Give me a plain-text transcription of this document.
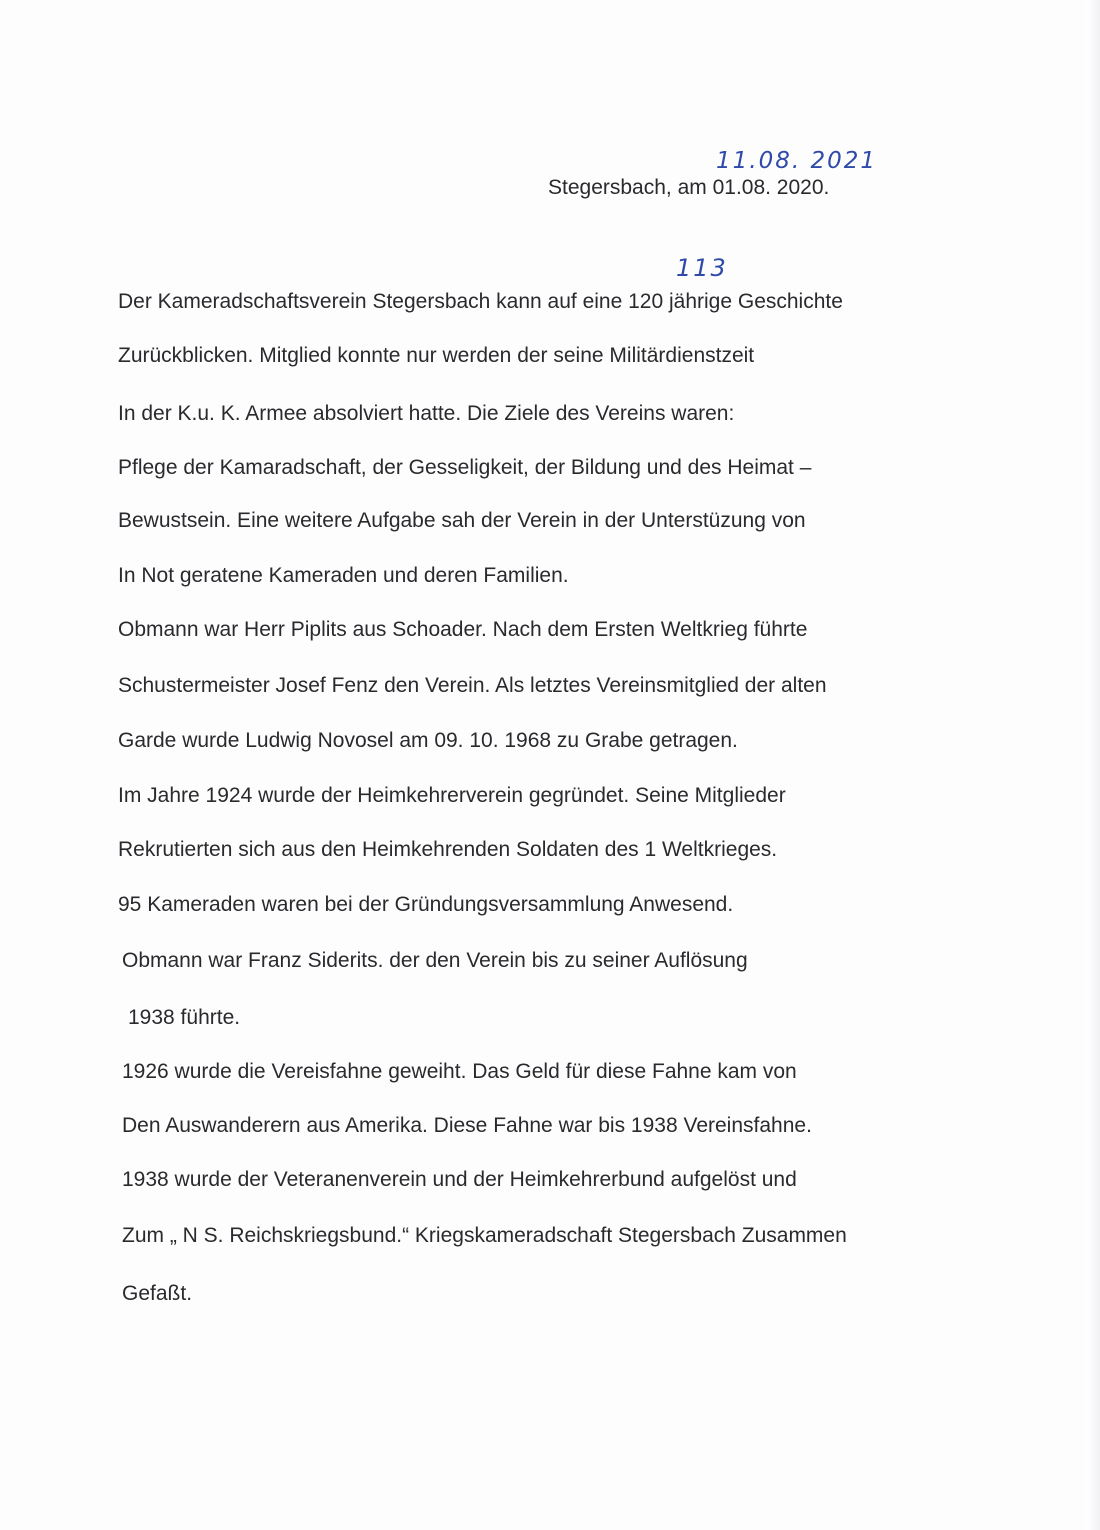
11.08. 2021
Stegersbach, am 01.08. 2020.
113
Der Kameradschaftsverein Stegersbach kann auf eine 120 jährige Geschichte
Zurückblicken. Mitglied konnte nur werden der seine Militärdienstzeit
In der K.u. K. Armee absolviert hatte. Die Ziele des Vereins waren:
Pflege der Kamaradschaft, der Gesseligkeit, der Bildung und des Heimat –
Bewustsein. Eine weitere Aufgabe sah der Verein in der Unterstüzung von
In Not geratene Kameraden und deren Familien.
Obmann war Herr Piplits aus Schoader. Nach dem Ersten Weltkrieg führte
Schustermeister Josef Fenz den Verein. Als letztes Vereinsmitglied der alten
Garde wurde Ludwig Novosel am 09. 10. 1968 zu Grabe getragen.
Im Jahre 1924 wurde der Heimkehrerverein gegründet. Seine Mitglieder
Rekrutierten sich aus den Heimkehrenden Soldaten des 1 Weltkrieges.
95 Kameraden waren bei der Gründungsversammlung Anwesend.
Obmann war Franz Siderits. der den Verein bis zu seiner Auflösung
1938 führte.
1926 wurde die Vereisfahne geweiht. Das Geld für diese Fahne kam von
Den Auswanderern aus Amerika. Diese Fahne war bis 1938 Vereinsfahne.
1938 wurde der Veteranenverein und der Heimkehrerbund aufgelöst und
Zum „ N S. Reichskriegsbund.“ Kriegskameradschaft Stegersbach Zusammen
Gefaßt.
